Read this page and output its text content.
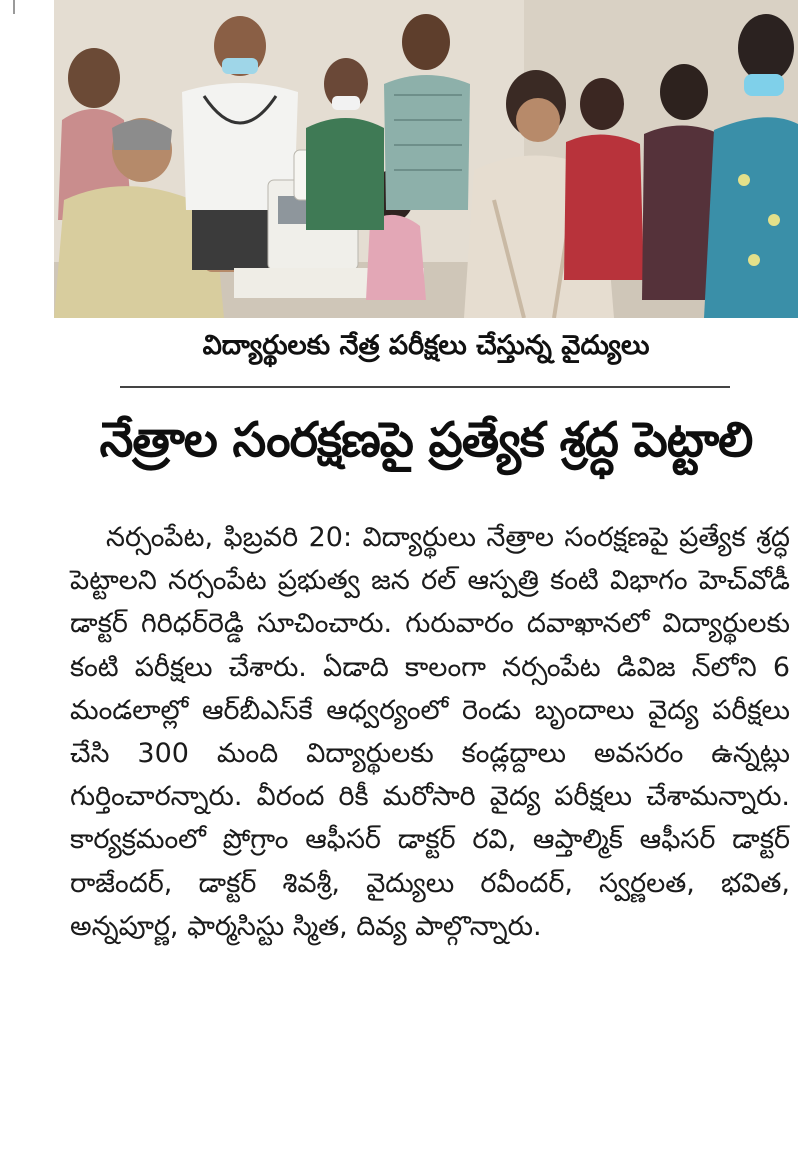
విద్యార్థులకు నేత్ర పరీక్షలు చేస్తున్న వైద్యులు
నేత్రాల సంరక్షణపై ప్రత్యేక శ్రద్ధ పెట్టాలి
నర్సంపేట, ఫిబ్రవరి 20: విద్యార్థులు నేత్రాల సంరక్షణపై ప్రత్యేక శ్రద్ధ పెట్టాలని నర్సంపేట ప్రభుత్వ జన రల్ ఆస్పత్రి కంటి విభాగం హెచ్‌వోడీ డాక్టర్ గిరిధర్‌రెడ్డి సూచించారు. గురువారం దవాఖానలో విద్యార్థులకు కంటి పరీక్షలు చేశారు. ఏడాది కాలంగా నర్సంపేట డివిజ న్‌లోని 6 మండలాల్లో ఆర్‌బీఎస్‌కే ఆధ్వర్యంలో రెండు బృందాలు వైద్య పరీక్షలు చేసి 300 మంది విద్యార్థులకు కండ్లద్దాలు అవసరం ఉన్నట్లు గుర్తించారన్నారు. వీరంద రికీ మరోసారి వైద్య పరీక్షలు చేశామన్నారు. కార్యక్రమంలో ప్రోగ్రాం ఆఫీసర్ డాక్టర్ రవి, ఆప్తాల్మిక్ ఆఫీసర్ డాక్టర్ రాజేందర్, డాక్టర్ శివశ్రీ, వైద్యులు రవీందర్, స్వర్ణలత, భవిత, అన్నపూర్ణ, ఫార్మసిస్టు స్మిత, దివ్య పాల్గొన్నారు.
